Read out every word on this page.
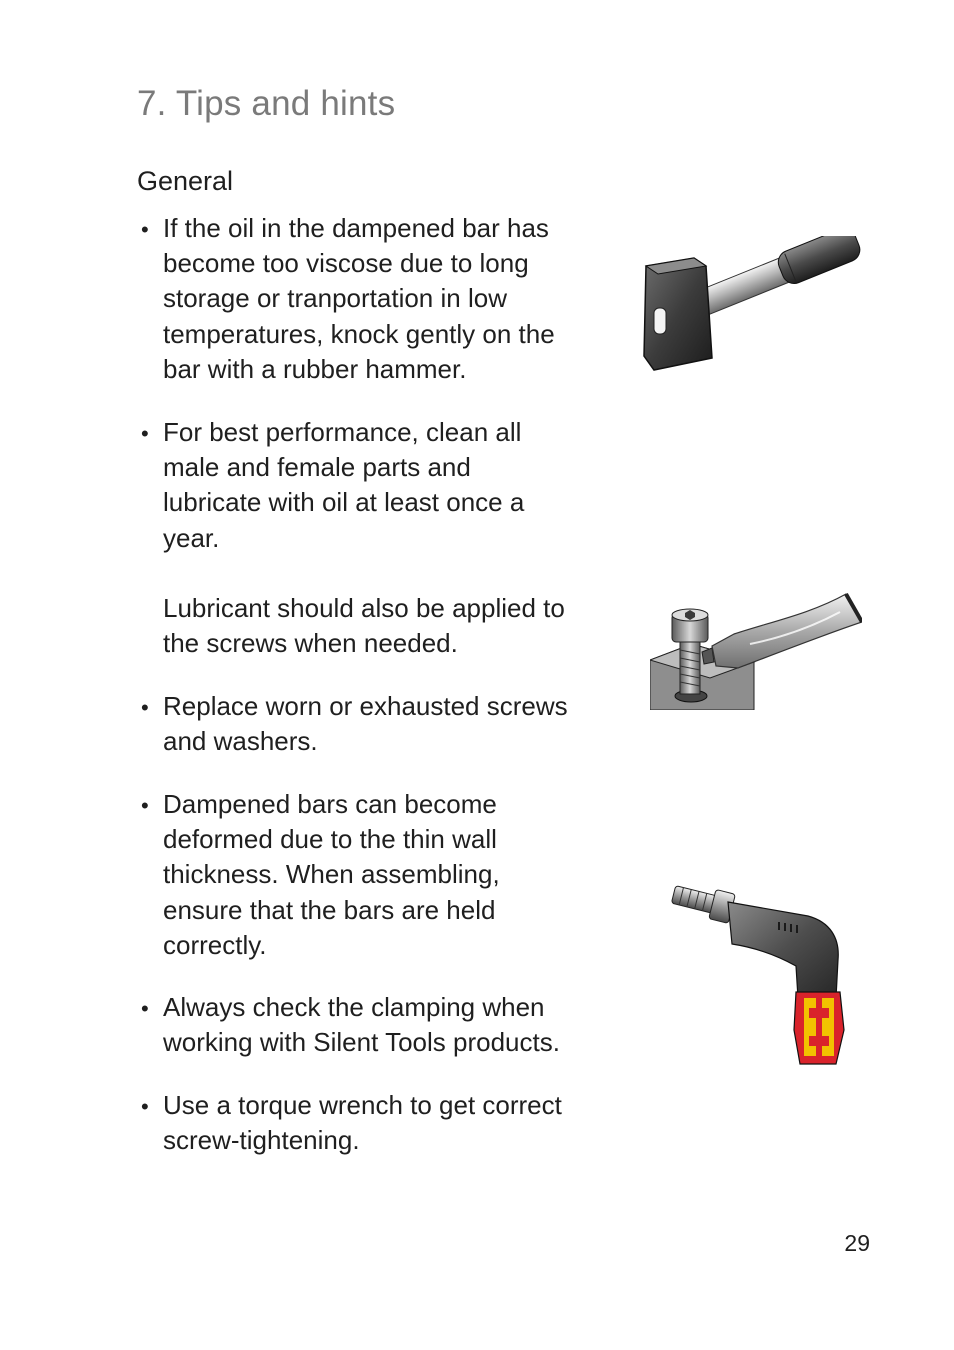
7. Tips and hints
General
• If the oil in the dampened bar has
become too viscose due to long
storage or tranportation in low
temperatures, knock gently on the
bar with a rubber hammer.

• For best performance, clean all
male and female parts and
lubricate with oil at least once a
year.

Lubricant should also be applied to
the screws when needed.

• Replace worn or exhausted screws
and washers.

• Dampened bars can become
deformed due to the thin wall
thickness. When assembling,
ensure that the bars are held
correctly.

• Always check the clamping when
working with Silent Tools products.

• Use a torque wrench to get correct
screw-tightening.

29
